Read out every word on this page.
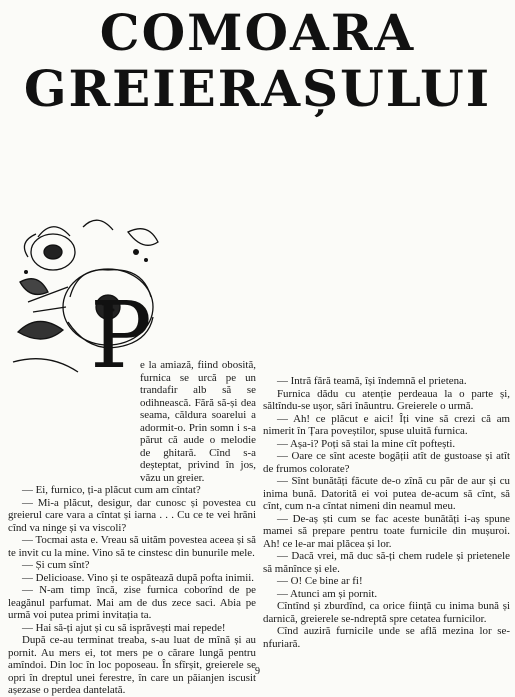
COMOARA
GREIERAȘULUI
P

e la amiază, fiind obosită, furnica se urcă pe un trandafir alb să se odihnească. Fără să-și dea seama, căldura soarelui a adormit-o. Prin somn i s-a părut că aude o melodie de ghitară. Cînd s-a deșteptat, privind în jos, văzu un greier.

— Ei, furnico, ți-a plăcut cum am cîntat?

— Mi-a plăcut, desigur, dar cunosc și povestea cu greierul care vara a cîntat și iarna . . . Cu ce te vei hrăni cînd va ninge și va viscoli?

— Tocmai asta e. Vreau să uităm povestea aceea și să te invit cu la mine. Vino să te cinstesc din bunurile mele.

— Și cum sînt?

— Delicioase. Vino și te ospătează după pofta inimii.

— N-am timp încă, zise furnica coborînd de pe leagănul parfumat. Mai am de dus zece saci. Abia pe urmă voi putea primi invitația ta.

— Hai să-ți ajut și cu să isprăvești mai repede!

După ce-au terminat treaba, s-au luat de mînă și au pornit. Au mers ei, tot mers pe o cărare lungă pentru amîndoi. Din loc în loc poposeau. În sfîrșit, greierele se opri în dreptul unei ferestre, în care un păianjen iscusit așezase o perdea dantelată.

— Intră fără teamă, își îndemnă el prietena.

Furnica dădu cu atenție perdeaua la o parte și, săltîndu-se ușor, sări înăuntru. Greierele o urmă.

— Ah! ce plăcut e aici! Îți vine să crezi că am nimerit în Țara poveștilor, spuse uluită furnica.

— Așa-i? Poți să stai la mine cît poftești.

— Oare ce sînt aceste bogății atît de gustoase și atît de frumos colorate?

— Sînt bunătăți făcute de-o zînă cu păr de aur și cu inima bună. Datorită ei voi putea de-acum să cînt, să cînt, cum n-a cîntat nimeni din neamul meu.

— De-aș ști cum se fac aceste bunătăți i-aș spune mamei să prepare pentru toate furnicile din mușuroi. Ah! ce le-ar mai plăcea și lor.

— Dacă vrei, mă duc să-ți chem rudele și prietenele să mănînce și ele.

— O! Ce bine ar fi!

— Atunci am și pornit.

Cîntînd și zburdînd, ca orice ființă cu inima bună și darnică, greierele se-ndreptă spre cetatea furnicilor.

Cînd auziră furnicile unde se află mezina lor se-nfuriară.

9
